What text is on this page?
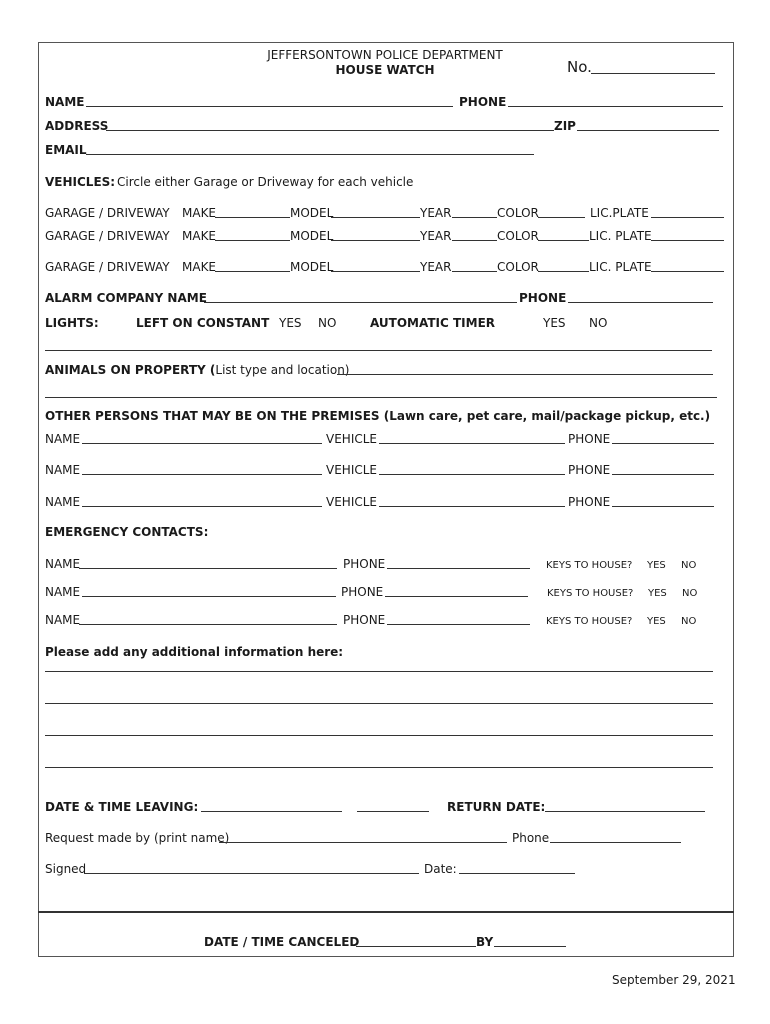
JEFFERSONTOWN POLICE DEPARTMENT
HOUSE WATCH	No.
NAME	PHONE
ADDRESS	ZIP
EMAIL
VEHICLES: Circle either Garage or Driveway for each vehicle
GARAGE / DRIVEWAY MAKE	MODEL	YEAR	COLOR	LIC.PLATE
GARAGE / DRIVEWAY MAKE	MODEL	YEAR	COLOR	LIC. PLATE
GARAGE / DRIVEWAY MAKE	MODEL	YEAR	COLOR	LIC. PLATE
ALARM COMPANY NAME	PHONE
LIGHTS:	LEFT ON CONSTANT YES NO	AUTOMATIC TIMER	YES NO
ANIMALS ON PROPERTY (List type and location)
OTHER PERSONS THAT MAY BE ON THE PREMISES (Lawn care, pet care, mail/package pickup, etc.)
NAME	VEHICLE	PHONE
NAME	VEHICLE	PHONE
NAME	VEHICLE	PHONE
EMERGENCY CONTACTS:
NAME	PHONE	KEYS TO HOUSE? YES NO
NAME	PHONE	KEYS TO HOUSE? YES NO
NAME	PHONE	KEYS TO HOUSE? YES NO
Please add any additional information here:
DATE & TIME LEAVING:	RETURN DATE:
Request made by (print name)	Phone
Signed	Date:
DATE / TIME CANCELED	BY
September 29, 2021
